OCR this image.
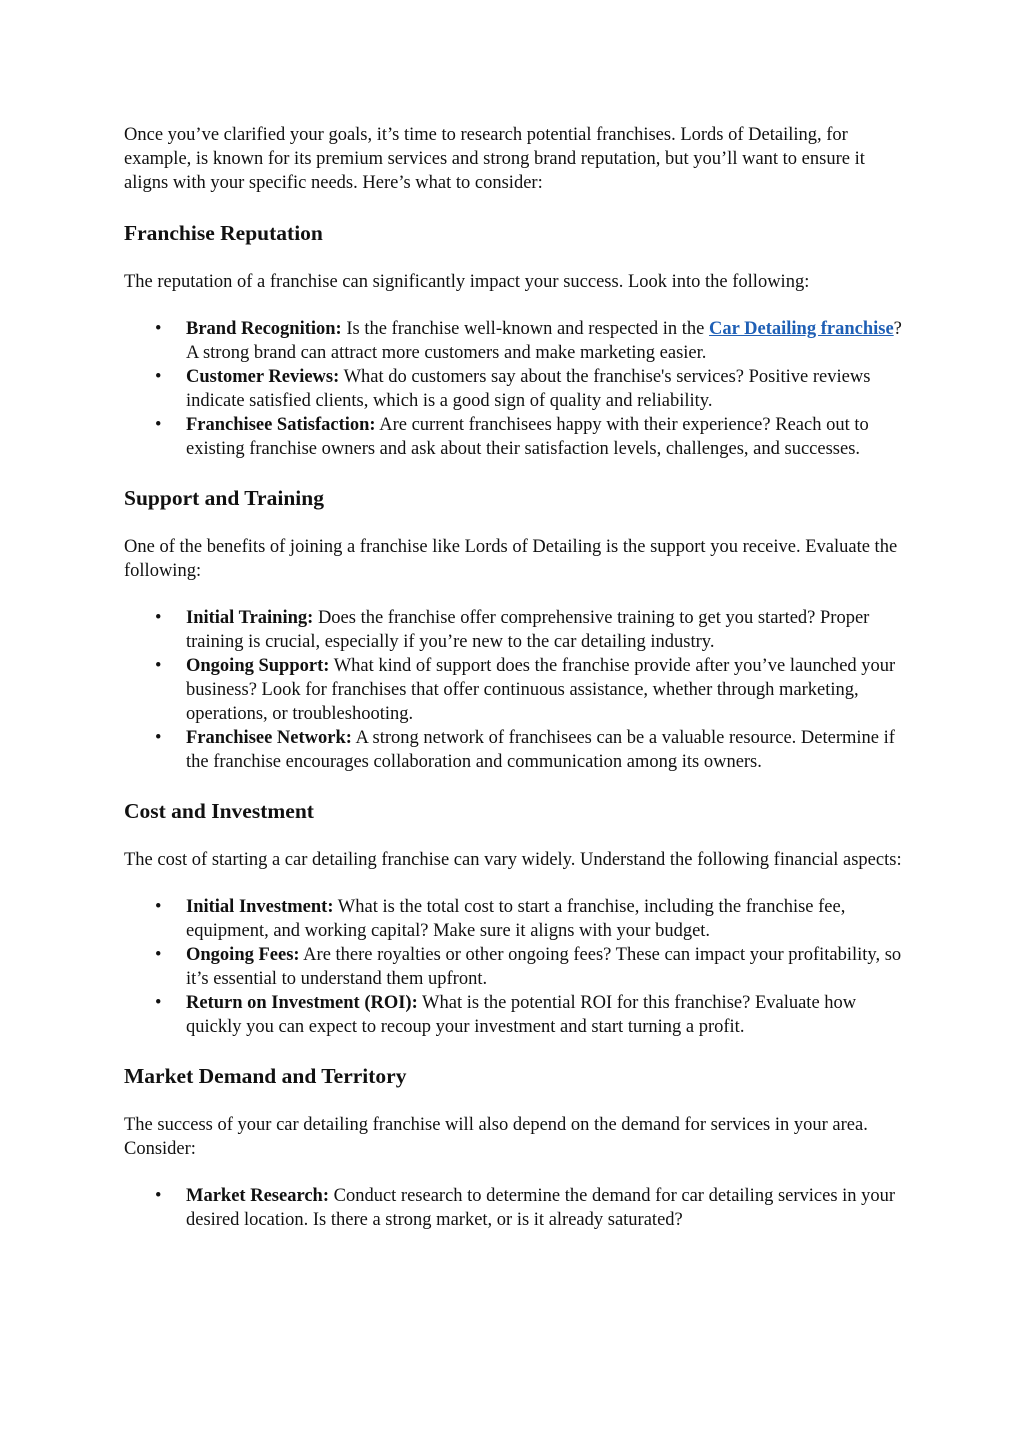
Once you’ve clarified your goals, it’s time to research potential franchises. Lords of Detailing, for example, is known for its premium services and strong brand reputation, but you’ll want to ensure it aligns with your specific needs. Here’s what to consider:

Franchise Reputation

The reputation of a franchise can significantly impact your success. Look into the following:

• Brand Recognition: Is the franchise well-known and respected in the Car Detailing franchise? A strong brand can attract more customers and make marketing easier.
• Customer Reviews: What do customers say about the franchise's services? Positive reviews indicate satisfied clients, which is a good sign of quality and reliability.
• Franchisee Satisfaction: Are current franchisees happy with their experience? Reach out to existing franchise owners and ask about their satisfaction levels, challenges, and successes.
Support and Training

One of the benefits of joining a franchise like Lords of Detailing is the support you receive. Evaluate the following:

• Initial Training: Does the franchise offer comprehensive training to get you started? Proper training is crucial, especially if you’re new to the car detailing industry.
• Ongoing Support: What kind of support does the franchise provide after you’ve launched your business? Look for franchises that offer continuous assistance, whether through marketing, operations, or troubleshooting.
• Franchisee Network: A strong network of franchisees can be a valuable resource. Determine if the franchise encourages collaboration and communication among its owners.
Cost and Investment

The cost of starting a car detailing franchise can vary widely. Understand the following financial aspects:

• Initial Investment: What is the total cost to start a franchise, including the franchise fee, equipment, and working capital? Make sure it aligns with your budget.
• Ongoing Fees: Are there royalties or other ongoing fees? These can impact your profitability, so it’s essential to understand them upfront.
• Return on Investment (ROI): What is the potential ROI for this franchise? Evaluate how quickly you can expect to recoup your investment and start turning a profit.
Market Demand and Territory

The success of your car detailing franchise will also depend on the demand for services in your area. Consider:

• Market Research: Conduct research to determine the demand for car detailing services in your desired location. Is there a strong market, or is it already saturated?
